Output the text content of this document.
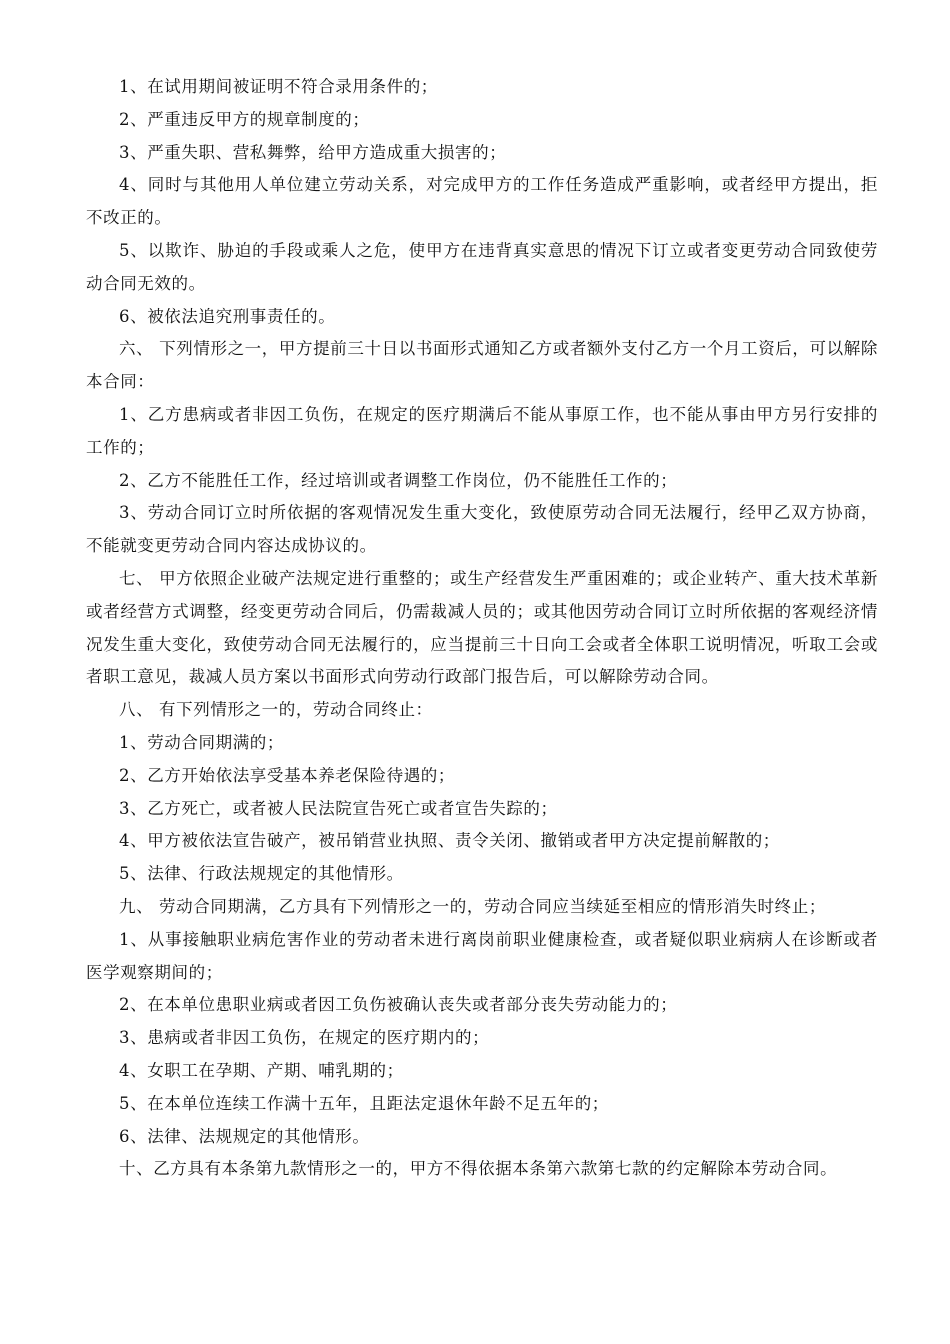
1、在试用期间被证明不符合录用条件的；

2、严重违反甲方的规章制度的；

3、严重失职、营私舞弊，给甲方造成重大损害的；

4、同时与其他用人单位建立劳动关系，对完成甲方的工作任务造成严重影响，或者经甲方提出，拒不改正的。

5、以欺诈、胁迫的手段或乘人之危，使甲方在违背真实意思的情况下订立或者变更劳动合同致使劳动合同无效的。

6、被依法追究刑事责任的。

六、 下列情形之一，甲方提前三十日以书面形式通知乙方或者额外支付乙方一个月工资后，可以解除本合同：

1、乙方患病或者非因工负伤，在规定的医疗期满后不能从事原工作，也不能从事由甲方另行安排的工作的；

2、乙方不能胜任工作，经过培训或者调整工作岗位，仍不能胜任工作的；

3、劳动合同订立时所依据的客观情况发生重大变化，致使原劳动合同无法履行，经甲乙双方协商，不能就变更劳动合同内容达成协议的。

七、 甲方依照企业破产法规定进行重整的；或生产经营发生严重困难的；或企业转产、重大技术革新或者经营方式调整，经变更劳动合同后，仍需裁减人员的；或其他因劳动合同订立时所依据的客观经济情况发生重大变化，致使劳动合同无法履行的，应当提前三十日向工会或者全体职工说明情况，听取工会或者职工意见，裁减人员方案以书面形式向劳动行政部门报告后，可以解除劳动合同。

八、 有下列情形之一的，劳动合同终止：

1、劳动合同期满的；

2、乙方开始依法享受基本养老保险待遇的；

3、乙方死亡，或者被人民法院宣告死亡或者宣告失踪的；

4、甲方被依法宣告破产，被吊销营业执照、责令关闭、撤销或者甲方决定提前解散的；

5、法律、行政法规规定的其他情形。

九、 劳动合同期满，乙方具有下列情形之一的，劳动合同应当续延至相应的情形消失时终止；

1、从事接触职业病危害作业的劳动者未进行离岗前职业健康检查，或者疑似职业病病人在诊断或者医学观察期间的；

2、在本单位患职业病或者因工负伤被确认丧失或者部分丧失劳动能力的；

3、患病或者非因工负伤，在规定的医疗期内的；

4、女职工在孕期、产期、哺乳期的；

5、在本单位连续工作满十五年，且距法定退休年龄不足五年的；

6、法律、法规规定的其他情形。

十、乙方具有本条第九款情形之一的，甲方不得依据本条第六款第七款的约定解除本劳动合同。
